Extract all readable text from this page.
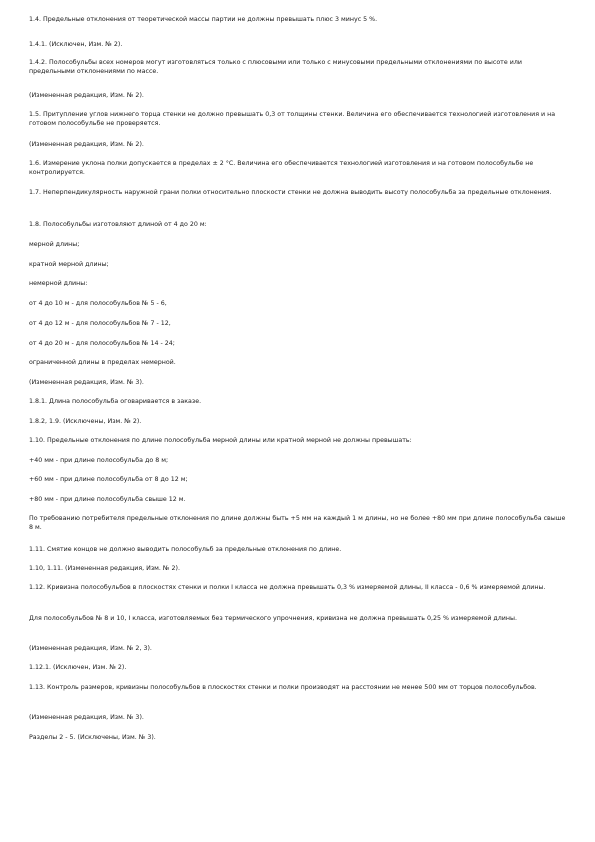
1.4. Предельные отклонения от теоретической массы партии не должны превышать плюс 3 минус 5 %.

1.4.1. (Исключен, Изм. № 2).

1.4.2. Полособульбы всех номеров могут изготовляться только с плюсовыми или только с минусовыми предельными отклонениями по высоте или предельными отклонениями по массе.

(Измененная редакция, Изм. № 2).

1.5. Притупление углов нижнего торца стенки не должно превышать 0,3 от толщины стенки. Величина его обеспечивается технологией изготовления и на готовом полособульбе не проверяется.

(Измененная редакция, Изм. № 2).

1.6. Измерение уклона полки допускается в пределах ± 2 °С. Величина его обеспечивается технологией изготовления и на готовом полособульбе не контролируется.

1.7. Неперпендикулярность наружной грани полки относительно плоскости стенки не должна выводить высоту полособульба за предельные отклонения.

1.8. Полособульбы изготовляют длиной от 4 до 20 м:

мерной длины;

кратной мерной длины;

немерной длины:

от 4 до 10 м - для полособульбов № 5 - 6,

от 4 до 12 м - для полособульбов № 7 - 12,

от 4 до 20 м - для полособульбов № 14 - 24;

ограниченной длины в пределах немерной.

(Измененная редакция, Изм. № 3).

1.8.1. Длина полособульба оговаривается в заказе.

1.8.2, 1.9. (Исключены, Изм. № 2).

1.10. Предельные отклонения по длине полособульба мерной длины или кратной мерной не должны превышать:

+40 мм - при длине полособульба до 8 м;

+60 мм - при длине полособульба от 8 до 12 м;

+80 мм - при длине полособульба свыше 12 м.

По требованию потребителя предельные отклонения по длине должны быть +5 мм на каждый 1 м длины, но не более +80 мм при длине полособульба свыше 8 м.

1.11. Смятие концов не должно выводить полособульб за предельные отклонения по длине.

1.10, 1.11. (Измененная редакция, Изм. № 2).

1.12. Кривизна полособульбов в плоскостях стенки и полки I класса не должна превышать 0,3 % измеряемой длины, II класса - 0,6 % измеряемой длины.

Для полособульбов № 8 и 10, I класса, изготовляемых без термического упрочнения, кривизна не должна превышать 0,25 % измеряемой длины.

(Измененная редакция, Изм. № 2, 3).

1.12.1. (Исключен, Изм. № 2).

1.13. Контроль размеров, кривизны полособульбов в плоскостях стенки и полки производят на расстоянии не менее 500 мм от торцов полособульбов.

(Измененная редакция, Изм. № 3).

Разделы 2 - 5. (Исключены, Изм. № 3).
